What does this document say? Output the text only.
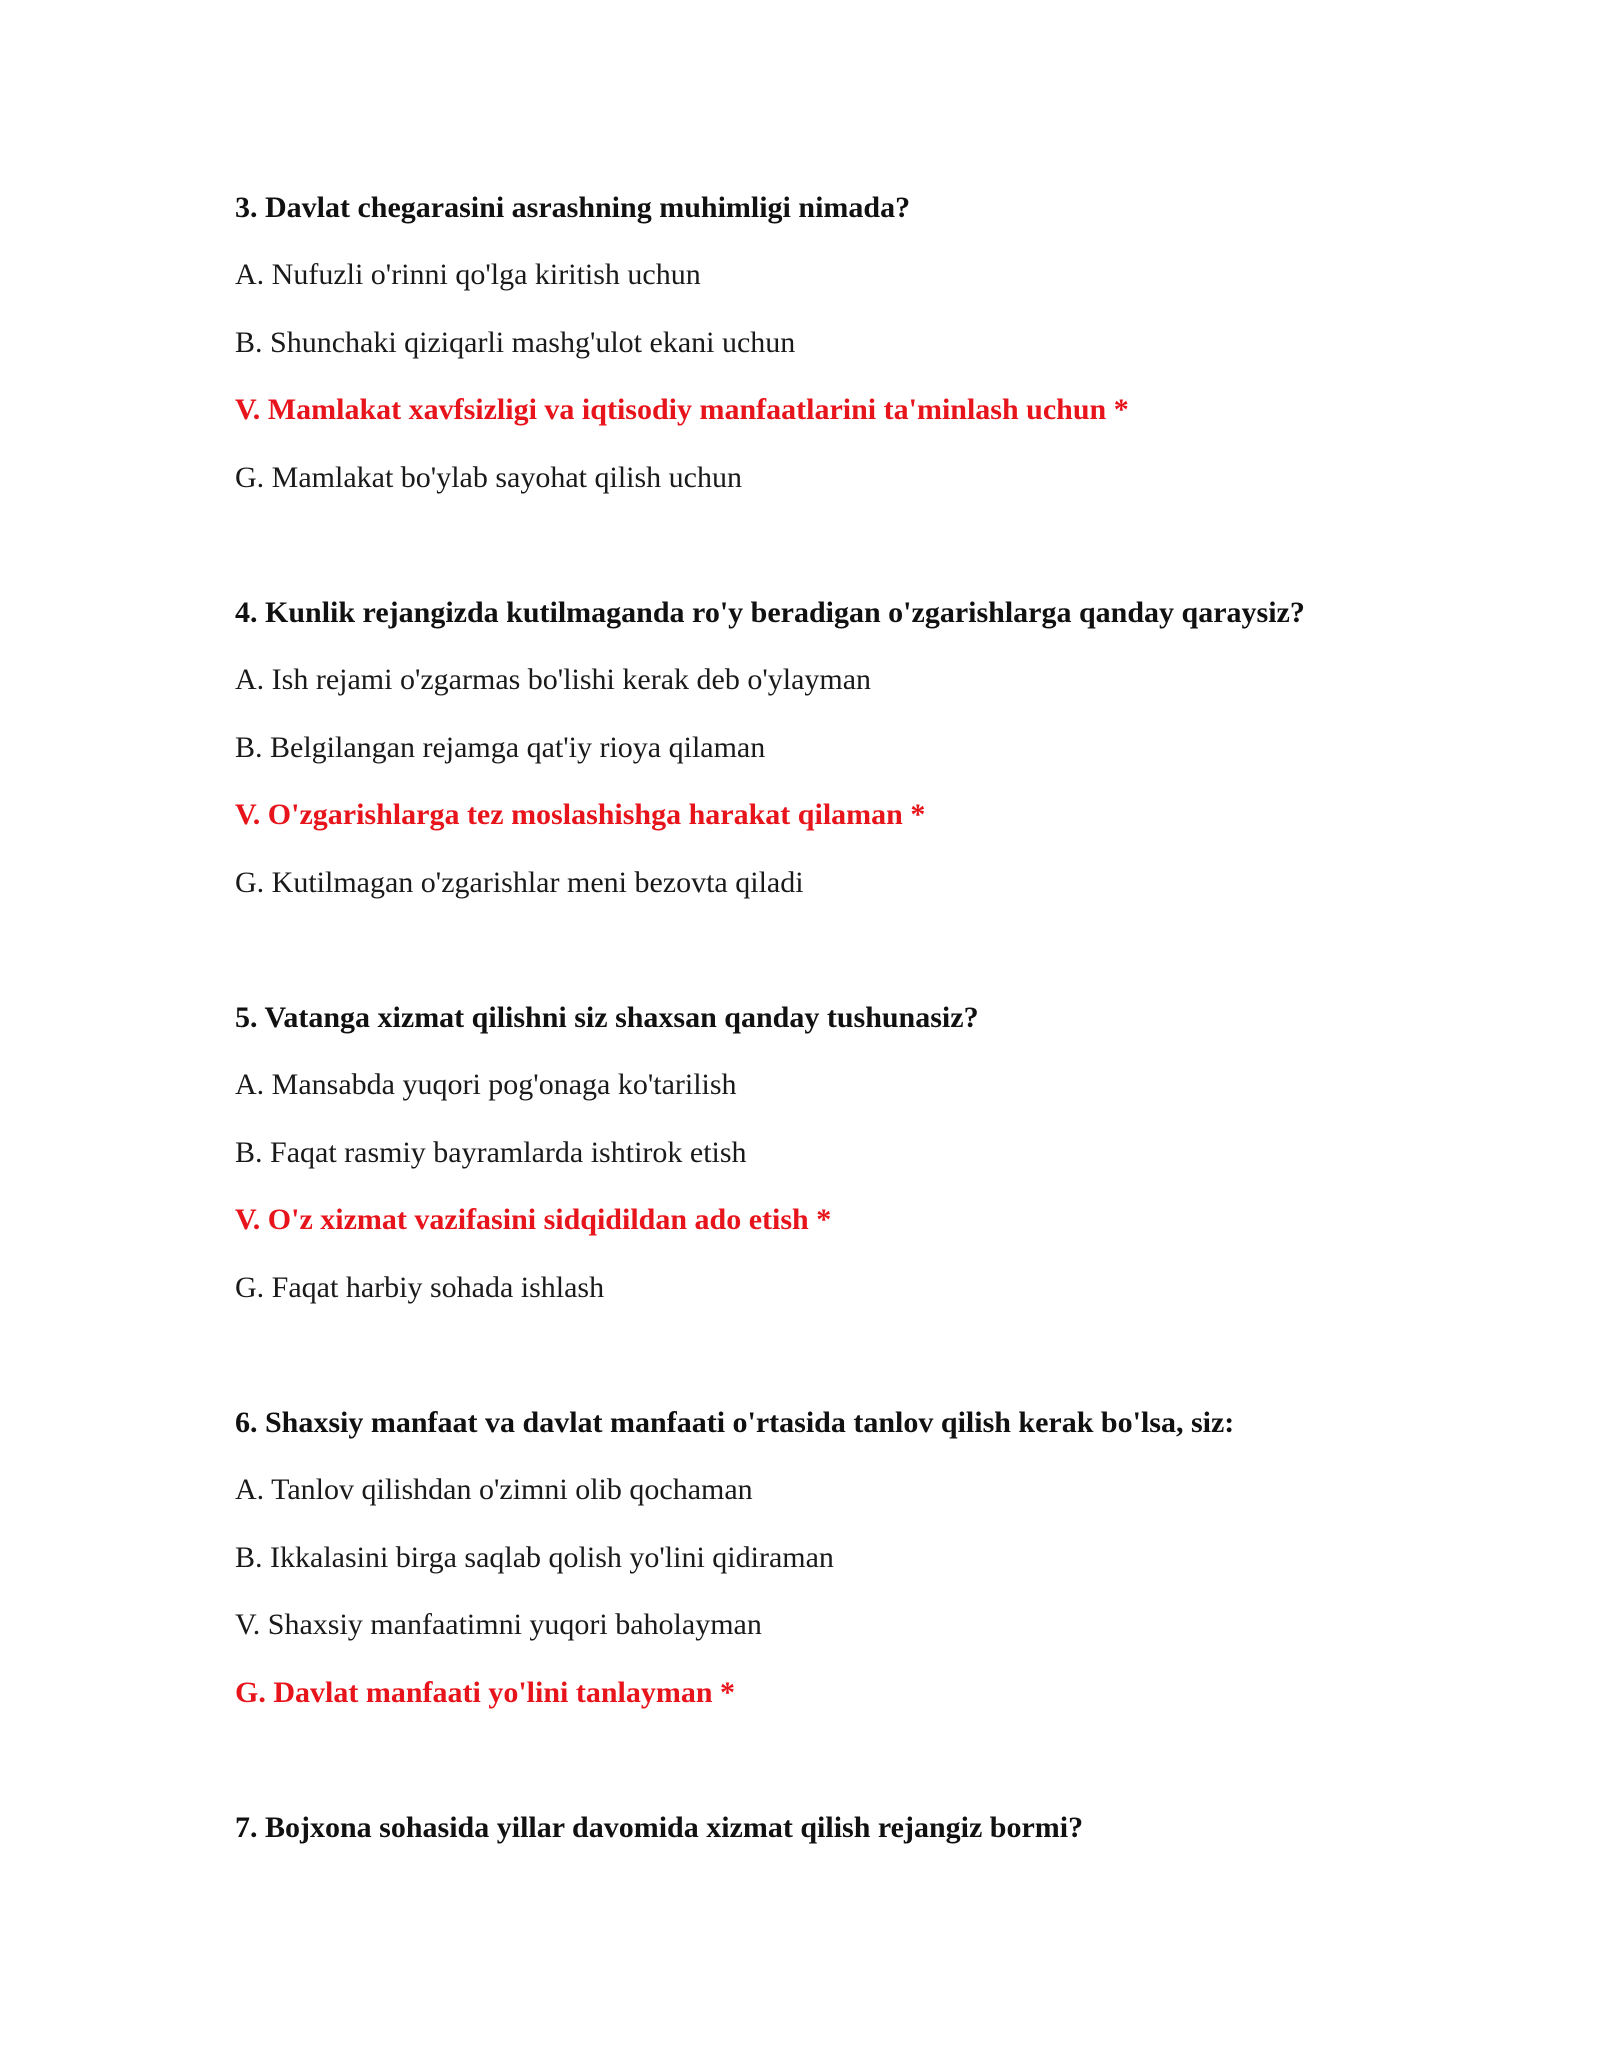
3. Davlat chegarasini asrashning muhimligi nimada?
A. Nufuzli o'rinni qo'lga kiritish uchun
B. Shunchaki qiziqarli mashg'ulot ekani uchun
V. Mamlakat xavfsizligi va iqtisodiy manfaatlarini ta'minlash uchun *
G. Mamlakat bo'ylab sayohat qilish uchun
4. Kunlik rejangizda kutilmaganda ro'y beradigan o'zgarishlarga qanday qaraysiz?
A. Ish rejami o'zgarmas bo'lishi kerak deb o'ylayman
B. Belgilangan rejamga qat'iy rioya qilaman
V. O'zgarishlarga tez moslashishga harakat qilaman *
G. Kutilmagan o'zgarishlar meni bezovta qiladi
5. Vatanga xizmat qilishni siz shaxsan qanday tushunasiz?
A. Mansabda yuqori pog'onaga ko'tarilish
B. Faqat rasmiy bayramlarda ishtirok etish
V. O'z xizmat vazifasini sidqidildan ado etish *
G. Faqat harbiy sohada ishlash
6. Shaxsiy manfaat va davlat manfaati o'rtasida tanlov qilish kerak bo'lsa, siz:
A. Tanlov qilishdan o'zimni olib qochaman
B. Ikkalasini birga saqlab qolish yo'lini qidiraman
V. Shaxsiy manfaatimni yuqori baholayman
G. Davlat manfaati yo'lini tanlayman *
7. Bojxona sohasida yillar davomida xizmat qilish rejangiz bormi?
